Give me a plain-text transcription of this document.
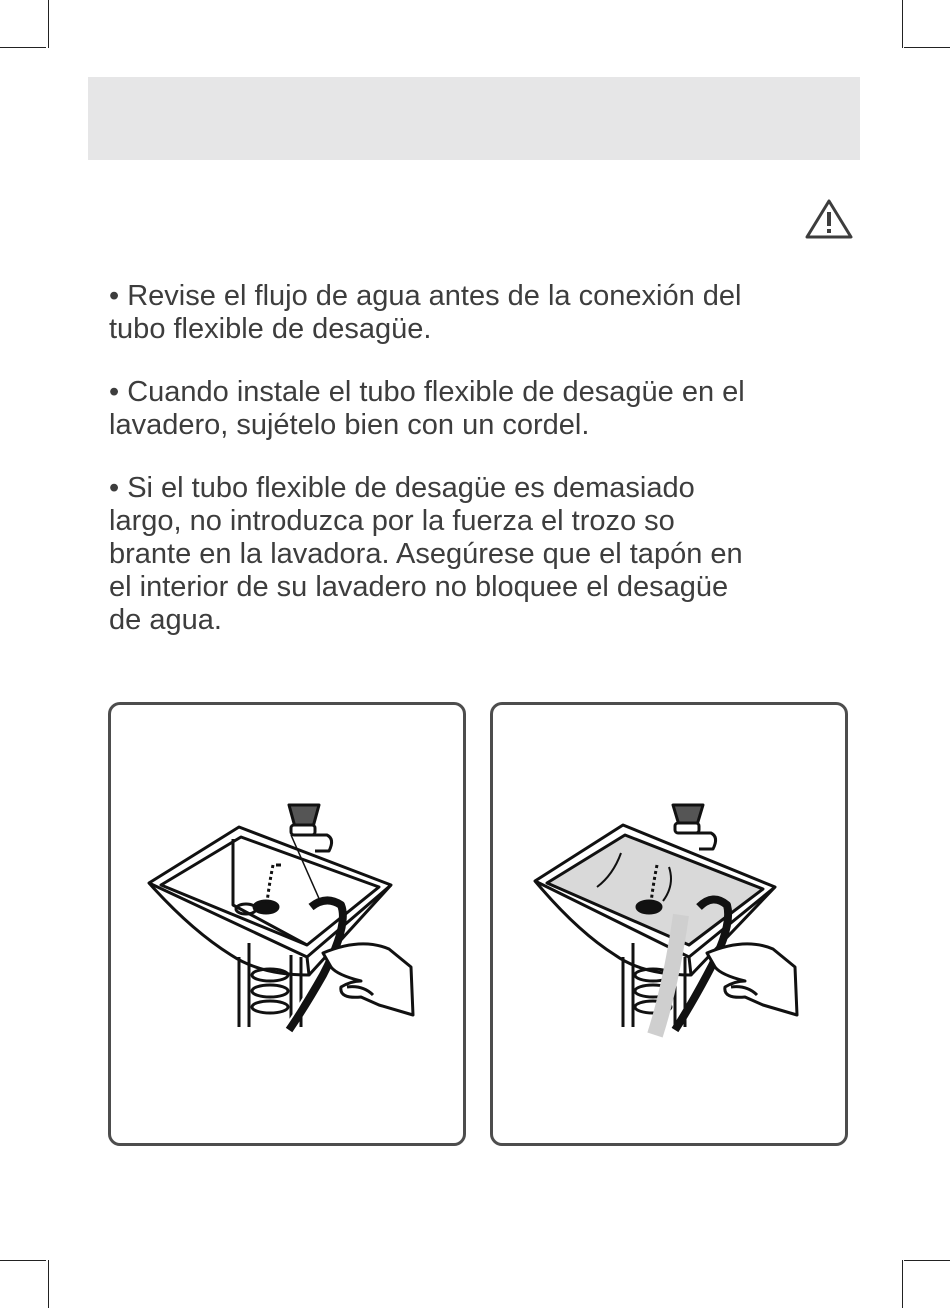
• Revise el flujo de agua antes de la conexión del
tubo flexible de desagüe.

• Cuando instale el tubo flexible de desagüe en el
lavadero, sujételo bien con un cordel.

• Si el tubo flexible de desagüe es demasiado
largo, no introduzca por la fuerza el trozo so
brante en la lavadora. Asegúrese que el tapón en
el interior de su lavadero no bloquee el desagüe
de agua.
